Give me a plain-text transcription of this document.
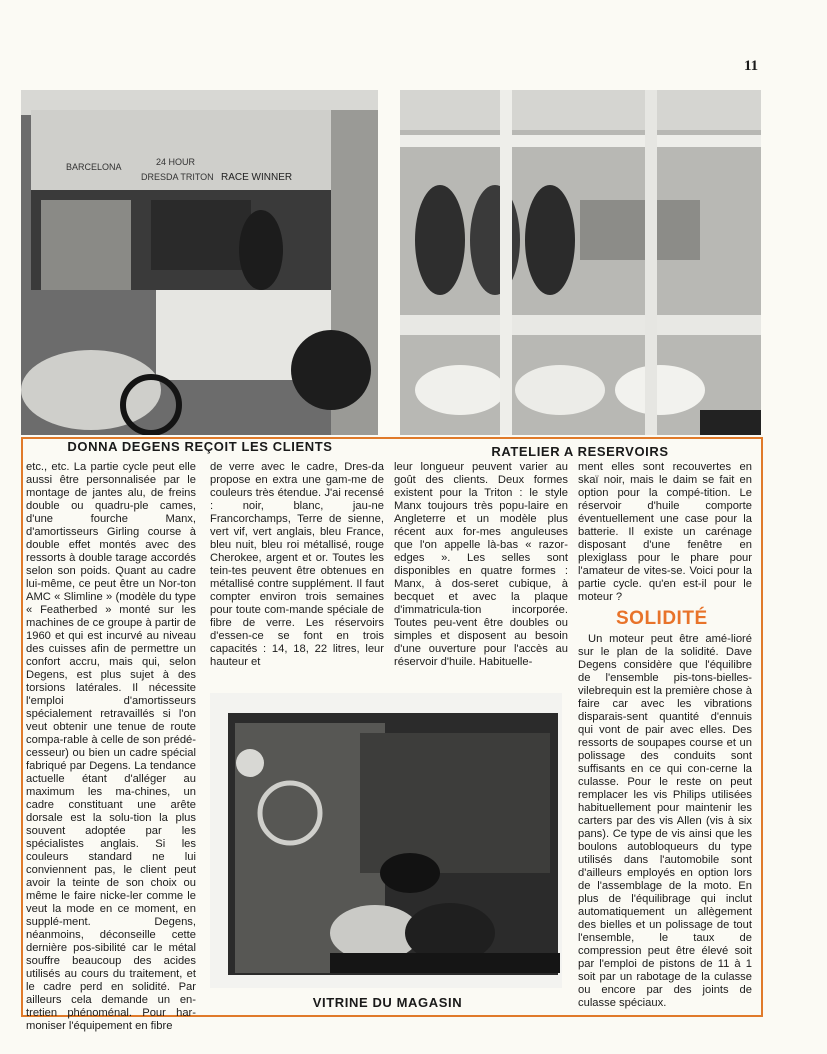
11
BARCELONA	24 HOUR
DRESDA TRITON RACE WINNER
DONNA DEGENS REÇOIT LES CLIENTS	RATELIER A RESERVOIRS

etc., etc. La partie cycle peut elle aussi être personnalisée par le montage de jantes alu, de freins double ou quadru-ple cames, d'une fourche Manx, d'amortisseurs Girling course à double effet montés avec des ressorts à double tarage accordés selon son poids. Quant au cadre lui-même, ce peut être un Nor-ton AMC « Slimline » (modèle du type « Featherbed » monté sur les machines de ce groupe à partir de 1960 et qui est incurvé au niveau des cuisses afin de permettre un confort accru, mais qui, selon Degens, est plus sujet à des torsions latérales. Il nécessite l'emploi d'amortisseurs spécialement retravaillés si l'on veut obtenir une tenue de route compa-rable à celle de son prédé-cesseur) ou bien un cadre spécial fabriqué par Degens. La tendance actuelle étant d'alléger au maximum les ma-chines, un cadre constituant une arête dorsale est la solu-tion la plus souvent adoptée par les spécialistes anglais. Si les couleurs standard ne lui conviennent pas, le client peut avoir la teinte de son choix ou même le faire nicke-ler comme le veut la mode en ce moment, en supplé-ment. Degens, néanmoins, déconseille cette dernière pos-sibilité car le métal souffre beaucoup des acides utilisés au cours du traitement, et le cadre perd en solidité. Par ailleurs cela demande un en-tretien phénoménal. Pour har-moniser l'équipement en fibre

de verre avec le cadre, Dres-da propose en extra une gam-me de couleurs très étendue. J'ai recensé : noir, blanc, jau-ne Francorchamps, Terre de sienne, vert vif, vert anglais, bleu France, bleu nuit, bleu roi métallisé, rouge Cherokee, argent et or. Toutes les tein-tes peuvent être obtenues en métallisé contre supplément. Il faut compter environ trois semaines pour toute com-mande spéciale de fibre de verre. Les réservoirs d'essen-ce se font en trois capacités : 14, 18, 22 litres, leur hauteur et

leur longueur peuvent varier au goût des clients. Deux formes existent pour la Triton : le style Manx toujours très popu-laire en Angleterre et un modèle plus récent aux for-mes anguleuses que l'on appelle là-bas « razor-edges ». Les selles sont disponibles en quatre formes : Manx, à dos-seret cubique, à becquet et avec la plaque d'immatricula-tion incorporée. Toutes peu-vent être doubles ou simples et disposent au besoin d'une ouverture pour l'accès au réservoir d'huile. Habituelle-

ment elles sont recouvertes en skaï noir, mais le daim se fait en option pour la compé-tition. Le réservoir d'huile comporte éventuellement une case pour la batterie. Il existe un carénage disposant d'une fenêtre en plexiglass pour le phare pour l'amateur de vites-se. Voici pour la partie cycle. qu'en est-il pour le moteur ?

SOLIDITÉ

Un moteur peut être amé-lioré sur le plan de la solidité. Dave Degens considère que l'équilibre de l'ensemble pis-tons-bielles-vilebrequin est la première chose à faire car avec les vibrations disparais-sent quantité d'ennuis qui vont de pair avec elles. Des ressorts de soupapes course et un polissage des conduits sont suffisants en ce qui con-cerne la culasse. Pour le reste on peut remplacer les vis Philips utilisées habituellement pour maintenir les carters par des vis Allen (vis à six pans). Ce type de vis ainsi que les boulons autobloqueurs du type utilisés dans l'automobile sont d'ailleurs employés en option lors de l'assemblage de la moto. En plus de l'équilibrage qui inclut automatiquement un allègement des bielles et un polissage de tout l'ensemble, le taux de compression peut être élevé soit par l'emploi de pistons de 11 à 1 soit par un rabotage de la culasse ou encore par des joints de culasse spéciaux.

VITRINE DU MAGASIN
